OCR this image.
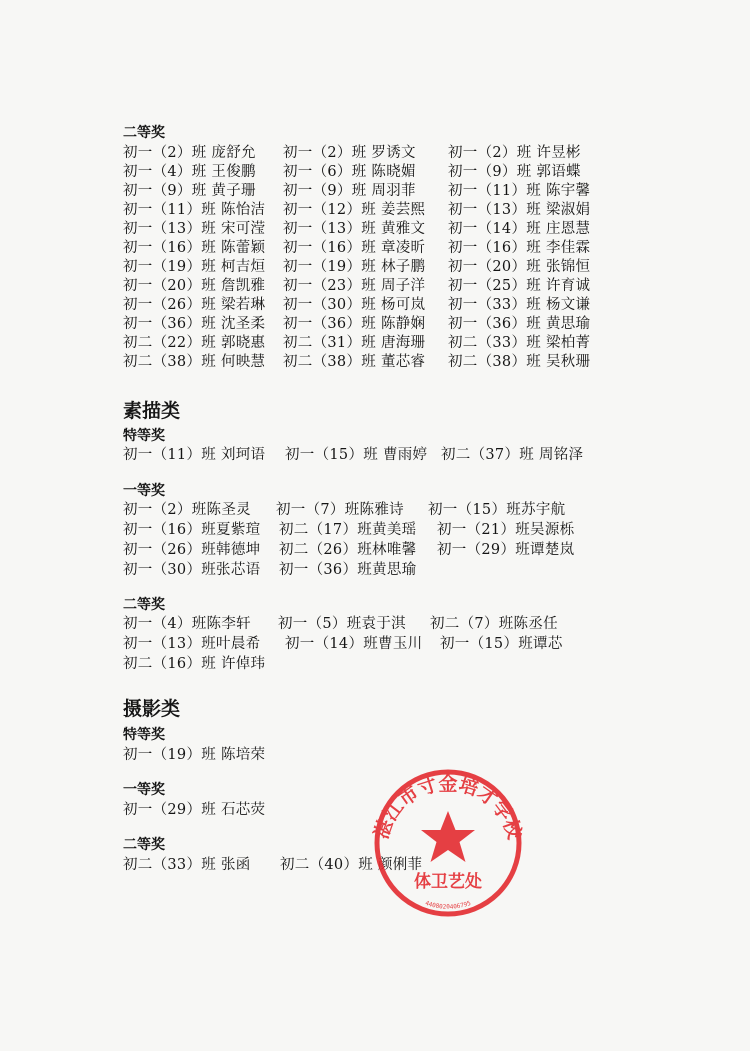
二等奖
初一（2）班 庞舒允 初一（2）班 罗诱文 初一（2）班 许昱彬
初一（4）班 王俊鹏 初一（6）班 陈晓媚 初一（9）班 郭语蝶
初一（9）班 黄子珊 初一（9）班 周羽菲 初一（11）班 陈宇馨
初一（11）班 陈怡洁 初一（12）班 姜芸熙 初一（13）班 梁淑娟
初一（13）班 宋可滢 初一（13）班 黄雅文 初一（14）班 庄恩慧
初一（16）班 陈蕾颖 初一（16）班 章凌昕 初一（16）班 李佳霖
初一（19）班 柯吉烜 初一（19）班 林子鹏 初一（20）班 张锦恒
初一（20）班 詹凯雅 初一（23）班 周子洋 初一（25）班 许育诚
初一（26）班 梁若琳 初一（30）班 杨可岚 初一（33）班 杨文谦
初一（36）班 沈圣柔 初一（36）班 陈静娴 初一（36）班 黄思瑜
初二（22）班 郭晓惠 初二（31）班 唐海珊 初二（33）班 梁柏菁
初二（38）班 何映慧 初二（38）班 董芯睿 初二（38）班 吴秋珊
素描类
特等奖
初一（11）班 刘珂语 初一（15）班 曹雨婷 初二（37）班 周铭泽
一等奖
初一（2）班陈圣灵 初一（7）班陈雅诗 初一（15）班苏宇航
初一（16）班夏紫瑄 初二（17）班黄美瑶 初一（21）班吴源栎
初一（26）班韩德坤 初二（26）班林唯馨 初一（29）班谭楚岚
初一（30）班张芯语 初一（36）班黄思瑜
二等奖
初一（4）班陈李轩 初一（5）班袁于淇 初二（7）班陈丞任
初一（13）班叶晨希 初一（14）班曹玉川 初一（15）班谭芯
初二（16）班 许倬玮
摄影类
特等奖
初一（19）班 陈培荣
一等奖
初一（29）班 石芯荧
二等奖
初二（33）班 张函 初二（40）班 颜俐菲
湛江市寸金培才学校
体卫艺处
4408020406795
